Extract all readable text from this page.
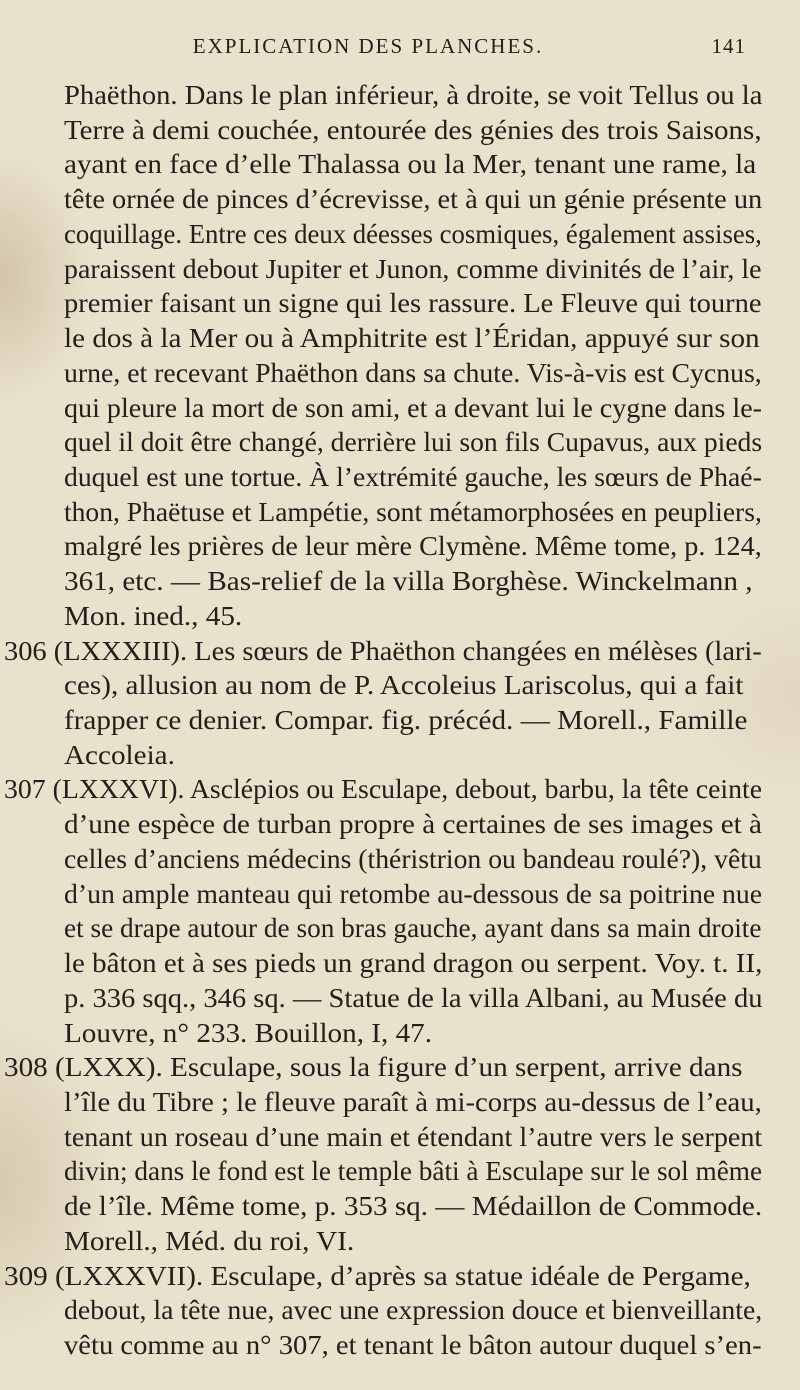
EXPLICATION DES PLANCHES.	141
Phaëthon. Dans le plan inférieur, à droite, se voit Tellus ou la
Terre à demi couchée, entourée des génies des trois Saisons,
ayant en face d’elle Thalassa ou la Mer, tenant une rame, la
tête ornée de pinces d’écrevisse, et à qui un génie présente un
coquillage. Entre ces deux déesses cosmiques, également assises,
paraissent debout Jupiter et Junon, comme divinités de l’air, le
premier faisant un signe qui les rassure. Le Fleuve qui tourne
le dos à la Mer ou à Amphitrite est l’Éridan, appuyé sur son
urne, et recevant Phaëthon dans sa chute. Vis-à-vis est Cycnus,
qui pleure la mort de son ami, et a devant lui le cygne dans le-
quel il doit être changé, derrière lui son fils Cupavus, aux pieds
duquel est une tortue. À l’extrémité gauche, les sœurs de Phaé-
thon, Phaëtuse et Lampétie, sont métamorphosées en peupliers,
malgré les prières de leur mère Clymène. Même tome, p. 124,
361, etc. — Bas-relief de la villa Borghèse. Winckelmann ,
Mon. ined., 45.
306 (LXXXIII). Les sœurs de Phaëthon changées en mélèses (lari-
ces), allusion au nom de P. Accoleius Lariscolus, qui a fait
frapper ce denier. Compar. fig. précéd. — Morell., Famille
Accoleia.
307 (LXXXVI). Asclépios ou Esculape, debout, barbu, la tête ceinte
d’une espèce de turban propre à certaines de ses images et à
celles d’anciens médecins (théristrion ou bandeau roulé?), vêtu
d’un ample manteau qui retombe au-dessous de sa poitrine nue
et se drape autour de son bras gauche, ayant dans sa main droite
le bâton et à ses pieds un grand dragon ou serpent. Voy. t. II,
p. 336 sqq., 346 sq. — Statue de la villa Albani, au Musée du
Louvre, n° 233. Bouillon, I, 47.
308 (LXXX). Esculape, sous la figure d’un serpent, arrive dans
l’île du Tibre ; le fleuve paraît à mi-corps au-dessus de l’eau,
tenant un roseau d’une main et étendant l’autre vers le serpent
divin; dans le fond est le temple bâti à Esculape sur le sol même
de l’île. Même tome, p. 353 sq. — Médaillon de Commode.
Morell., Méd. du roi, VI.
309 (LXXXVII). Esculape, d’après sa statue idéale de Pergame,
debout, la tête nue, avec une expression douce et bienveillante,
vêtu comme au n° 307, et tenant le bâton autour duquel s’en-
